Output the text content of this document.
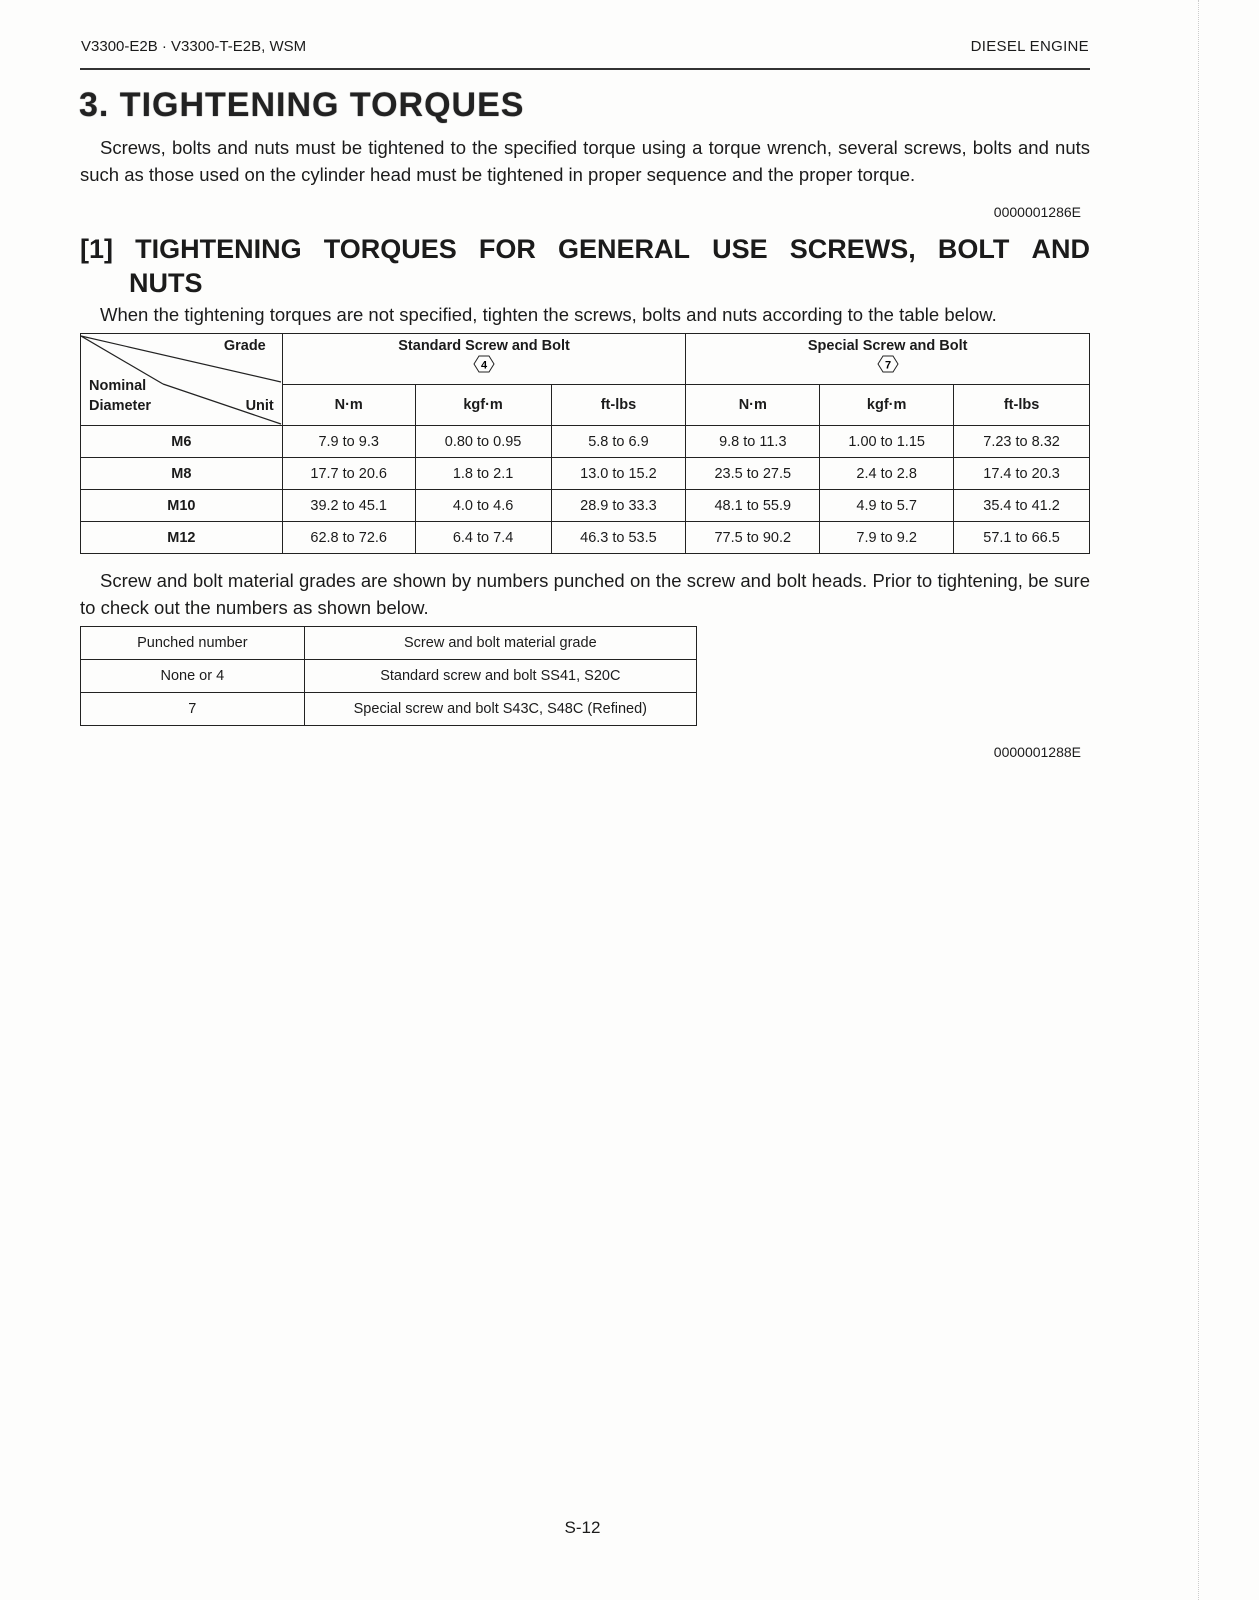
V3300-E2B · V3300-T-E2B, WSM	DIESEL ENGINE
3. TIGHTENING TORQUES

Screws, bolts and nuts must be tightened to the specified torque using a torque wrench, several screws, bolts and nuts such as those used on the cylinder head must be tightened in proper sequence and the proper torque.

0000001286E
[1] TIGHTENING TORQUES FOR GENERAL USE SCREWS, BOLT AND
NUTS

When the tightening torques are not specified, tighten the screws, bolts and nuts according to the table below.

Grade
Nominal
Diameter Unit	Standard Screw and Bolt
4			Special Screw and Bolt
7		

	N·m	kgf·m	ft-lbs	N·m	kgf·m	ft-lbs
M6	7.9 to 9.3	0.80 to 0.95	5.8 to 6.9	9.8 to 11.3	1.00 to 1.15	7.23 to 8.32
M8	17.7 to 20.6	1.8 to 2.1	13.0 to 15.2	23.5 to 27.5	2.4 to 2.8	17.4 to 20.3
M10	39.2 to 45.1	4.0 to 4.6	28.9 to 33.3	48.1 to 55.9	4.9 to 5.7	35.4 to 41.2
M12	62.8 to 72.6	6.4 to 7.4	46.3 to 53.5	77.5 to 90.2	7.9 to 9.2	57.1 to 66.5

Screw and bolt material grades are shown by numbers punched on the screw and bolt heads. Prior to tightening, be sure to check out the numbers as shown below.

Punched number	Screw and bolt material grade
None or 4	Standard screw and bolt SS41, S20C
7	Special screw and bolt S43C, S48C (Refined)
0000001288E
S-12
